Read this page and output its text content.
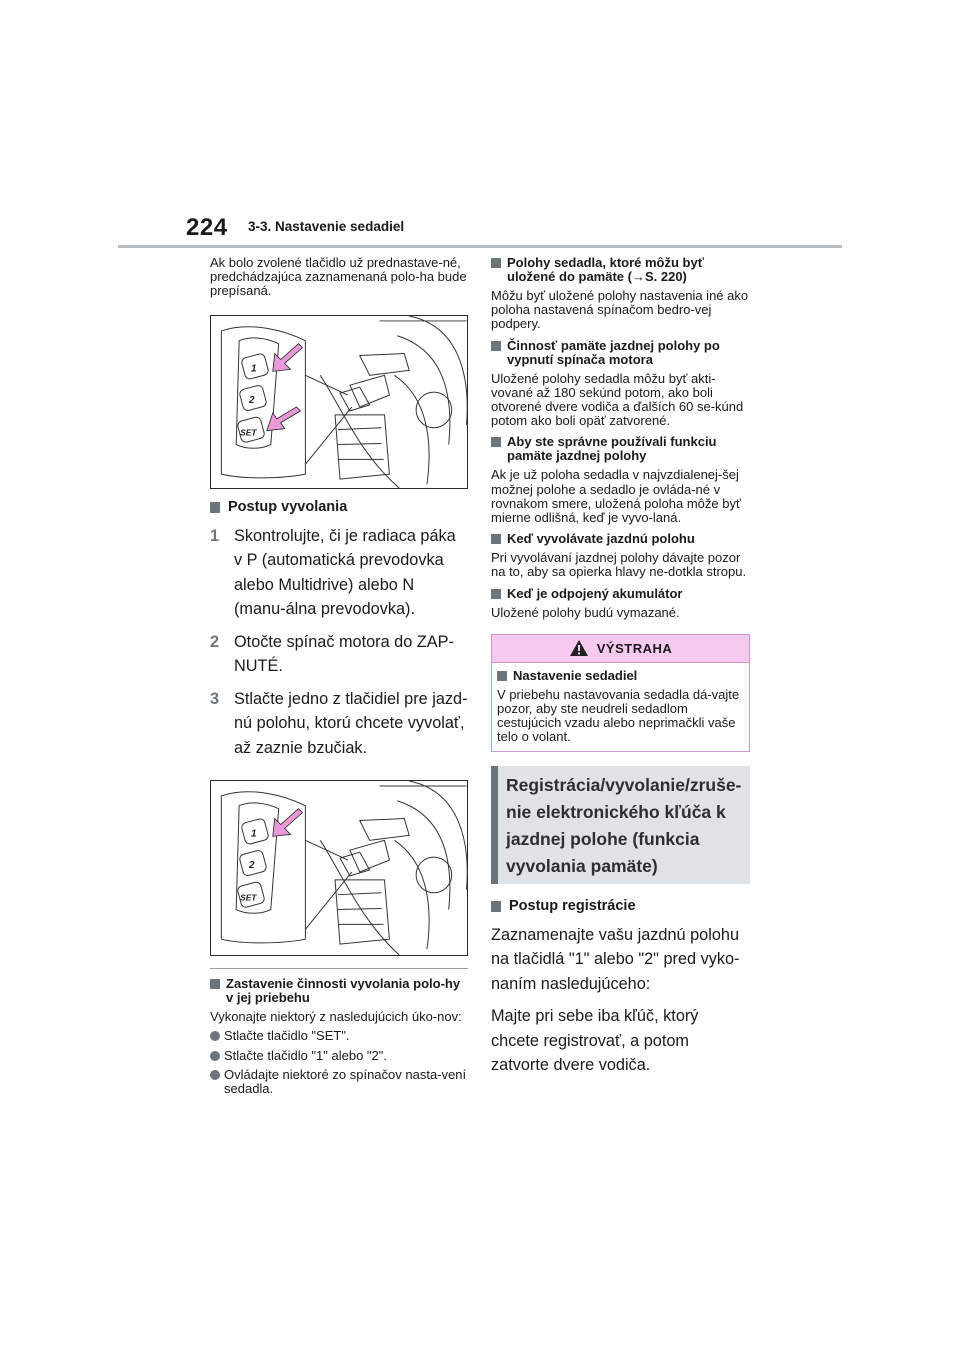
224 3-3. Nastavenie sedadiel

Ak bolo zvolené tlačidlo už prednastave-né, predchádzajúca zaznamenaná polo-ha bude prepísaná.

1
2
SET
Postup vyvolania
1 Skontrolujte, či je radiaca páka v P (automatická prevodovka alebo Multidrive) alebo N (manu-álna prevodovka).
2 Otočte spínač motora do ZAP-NUTÉ.
3 Stlačte jedno z tlačidiel pre jazd-nú polohu, ktorú chcete vyvolať, až zaznie bzučiak.
1
2
SET
Zastavenie činnosti vyvolania polo-hy v jej priebehu

Vykonajte niektorý z nasledujúcich úko-nov:

Stlačte tlačidlo "SET".
Stlačte tlačidlo "1" alebo "2".
Ovládajte niektoré zo spínačov nasta-vení sedadla.
Polohy sedadla, ktoré môžu byť uložené do pamäte (→S. 220)

Môžu byť uložené polohy nastavenia iné ako poloha nastavená spínačom bedro-vej podpery.

Činnosť pamäte jazdnej polohy po vypnutí spínača motora

Uložené polohy sedadla môžu byť akti-vované až 180 sekúnd potom, ako boli otvorené dvere vodiča a ďalších 60 se-kúnd potom ako boli opäť zatvorené.

Aby ste správne používali funkciu pamäte jazdnej polohy

Ak je už poloha sedadla v najvzdialenej-šej možnej polohe a sedadlo je ovláda-né v rovnakom smere, uložená poloha môže byť mierne odlišná, keď je vyvo-laná.

Keď vyvolávate jazdnú polohu

Pri vyvolávaní jazdnej polohy dávajte pozor na to, aby sa opierka hlavy ne-dotkla stropu.

Keď je odpojený akumulátor

Uložené polohy budú vymazané.

VÝSTRAHA
Nastavenie sedadiel

V priebehu nastavovania sedadla dá-vajte pozor, aby ste neudreli sedadlom cestujúcich vzadu alebo neprimačkli vaše telo o volant.

Registrácia/vyvolanie/zruše-nie elektronického kľúča k jazdnej polohe (funkcia vyvolania pamäte)
Postup registrácie

Zaznamenajte vašu jazdnú polohu na tlačidlá "1" alebo "2" pred vyko-naním nasledujúceho:

Majte pri sebe iba kľúč, ktorý chcete registrovať, a potom zatvorte dvere vodiča.
